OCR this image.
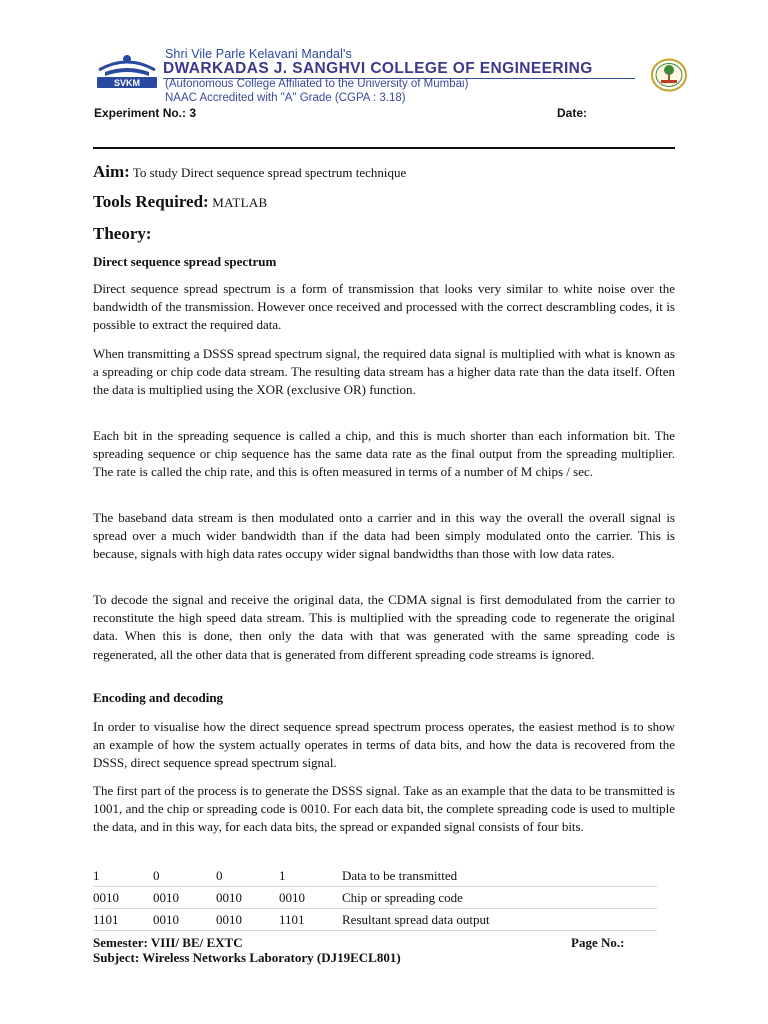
SVKM
Shri Vile Parle Kelavani Mandal's
DWARKADAS J. SANGHVI COLLEGE OF ENGINEERING
(Autonomous College Affiliated to the University of Mumbai)
NAAC Accredited with "A" Grade (CGPA : 3.18)
Experiment No.: 3	Date:
Aim: To study Direct sequence spread spectrum technique
Tools Required: MATLAB
Theory:
Direct sequence spread spectrum

Direct sequence spread spectrum is a form of transmission that looks very similar to white noise over the bandwidth of the transmission. However once received and processed with the correct descrambling codes, it is possible to extract the required data.

When transmitting a DSSS spread spectrum signal, the required data signal is multiplied with what is known as a spreading or chip code data stream. The resulting data stream has a higher data rate than the data itself. Often the data is multiplied using the XOR (exclusive OR) function.

Each bit in the spreading sequence is called a chip, and this is much shorter than each information bit. The spreading sequence or chip sequence has the same data rate as the final output from the spreading multiplier. The rate is called the chip rate, and this is often measured in terms of a number of M chips / sec.

The baseband data stream is then modulated onto a carrier and in this way the overall the overall signal is spread over a much wider bandwidth than if the data had been simply modulated onto the carrier. This is because, signals with high data rates occupy wider signal bandwidths than those with low data rates.

To decode the signal and receive the original data, the CDMA signal is first demodulated from the carrier to reconstitute the high speed data stream. This is multiplied with the spreading code to regenerate the original data. When this is done, then only the data with that was generated with the same spreading code is regenerated, all the other data that is generated from different spreading code streams is ignored.

Encoding and decoding

In order to visualise how the direct sequence spread spectrum process operates, the easiest method is to show an example of how the system actually operates in terms of data bits, and how the data is recovered from the DSSS, direct sequence spread spectrum signal.

The first part of the process is to generate the DSSS signal. Take as an example that the data to be transmitted is 1001, and the chip or spreading code is 0010. For each data bit, the complete spreading code is used to multiple the data, and in this way, for each data bits, the spread or expanded signal consists of four bits.

1	0	0	1	Data to be transmitted
0010	0010	0010	0010	Chip or spreading code
1101	0010	0010	1101	Resultant spread data output
Semester: VIII/ BE/ EXTC
Subject: Wireless Networks Laboratory (DJ19ECL801)
Page No.:
